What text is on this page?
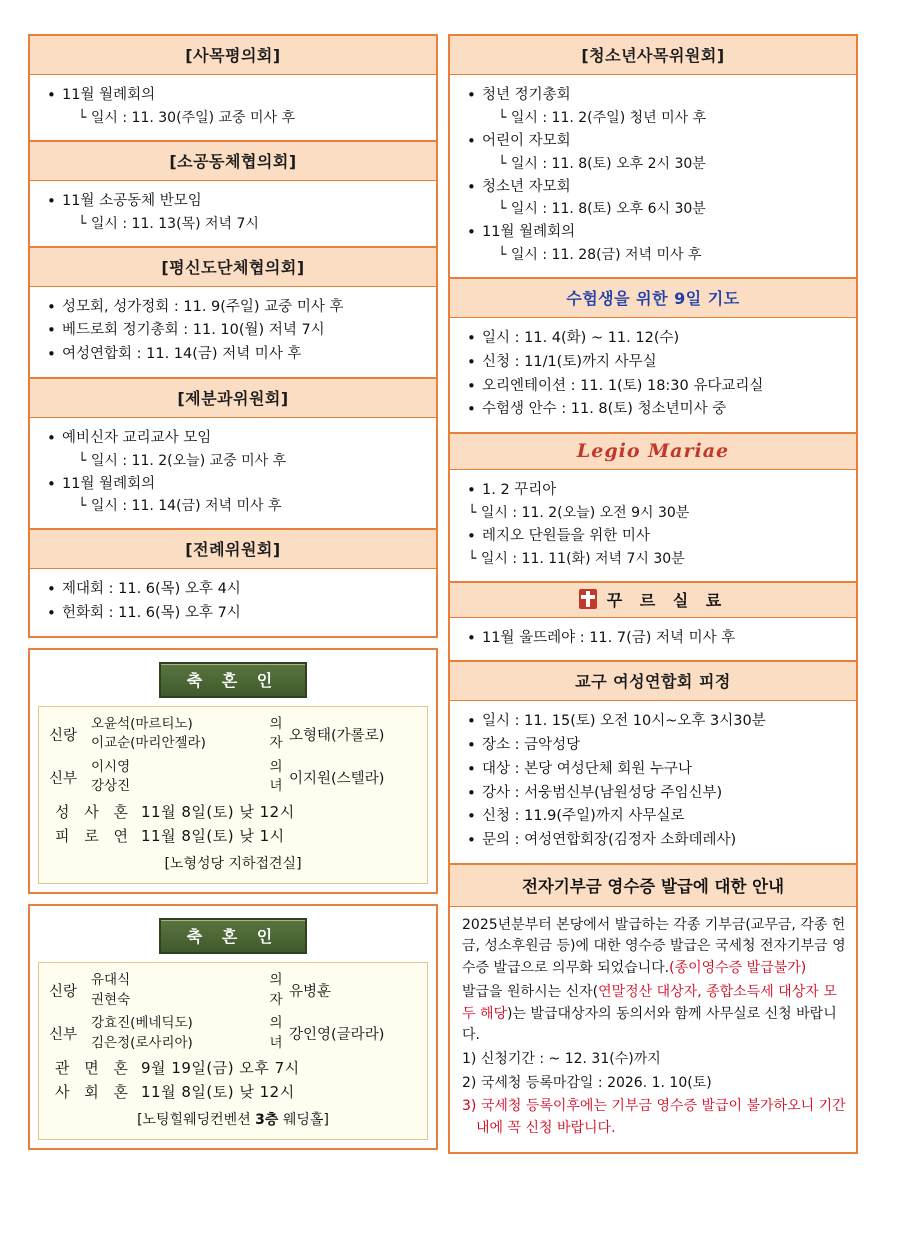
[사목평의회]
• 11월 월례회의
└ 일시 : 11. 30(주일) 교중 미사 후
[소공동체협의회]
• 11월 소공동체 반모임
└ 일시 : 11. 13(목) 저녁 7시
[평신도단체협의회]
• 성모회, 성가정회 : 11. 9(주일) 교중 미사 후
• 베드로회 정기총회 : 11. 10(월) 저녁 7시
• 여성연합회 : 11. 14(금) 저녁 미사 후
[제분과위원회]
• 예비신자 교리교사 모임
└ 일시 : 11. 2(오늘) 교중 미사 후
• 11월 월례회의
└ 일시 : 11. 14(금) 저녁 미사 후
[전례위원회]
• 제대회 : 11. 6(목) 오후 4시
• 헌화회 : 11. 6(목) 오후 7시
축 혼 인
신랑
오윤석(마르티노)
이교순(마리안젤라)
의
자 오형태(가롤로)
신부
이시영
강상진
의
녀 이지원(스텔라)
성 사 혼 11월 8일(토) 낮 12시
피 로 연 11월 8일(토) 낮 1시
[노형성당 지하접견실]
축 혼 인
신랑
유대식
권현숙
의
자 유병훈
신부
강효진(베네딕도)
김은정(로사리아)
의
녀 강인영(글라라)
관 면 혼 9월 19일(금) 오후 7시
사 회 혼 11월 8일(토) 낮 12시
[노팅힐웨딩컨벤션 3층 웨딩홀]
[청소년사목위원회]
• 청년 정기총회
└ 일시 : 11. 2(주일) 청년 미사 후
• 어린이 자모회
└ 일시 : 11. 8(토) 오후 2시 30분
• 청소년 자모회
└ 일시 : 11. 8(토) 오후 6시 30분
• 11월 월례회의
└ 일시 : 11. 28(금) 저녁 미사 후
수험생을 위한 9일 기도
• 일시 : 11. 4(화) ~ 11. 12(수)
• 신청 : 11/1(토)까지 사무실
• 오리엔테이션 : 11. 1(토) 18:30 유다교리실
• 수험생 안수 : 11. 8(토) 청소년미사 중
Legio Mariae
• 1. 2 꾸리아
└ 일시 : 11. 2(오늘) 오전 9시 30분
• 레지오 단원들을 위한 미사
└ 일시 : 11. 11(화) 저녁 7시 30분
꾸 르 실 료
• 11월 울뜨레야 : 11. 7(금) 저녁 미사 후
교구 여성연합회 피정
• 일시 : 11. 15(토) 오전 10시~오후 3시30분
• 장소 : 금악성당
• 대상 : 본당 여성단체 회원 누구나
• 강사 : 서웅범신부(남원성당 주임신부)
• 신청 : 11.9(주일)까지 사무실로
• 문의 : 여성연합회장(김정자 소화데레사)
전자기부금 영수증 발급에 대한 안내

2025년분부터 본당에서 발급하는 각종 기부금(교무금, 각종 헌금, 성소후원금 등)에 대한 영수증 발급은 국세청 전자기부금 영수증 발급으로 의무화 되었습니다.(종이영수증 발급불가)

발급을 원하시는 신자(연말정산 대상자, 종합소득세 대상자 모두 해당)는 발급대상자의 동의서와 함께 사무실로 신청 바랍니다.

1) 신청기간 : ~ 12. 31(수)까지

2) 국세청 등록마감일 : 2026. 1. 10(토)

3) 국세청 등록이후에는 기부금 영수증 발급이 불가하오니 기간내에 꼭 신청 바랍니다.
